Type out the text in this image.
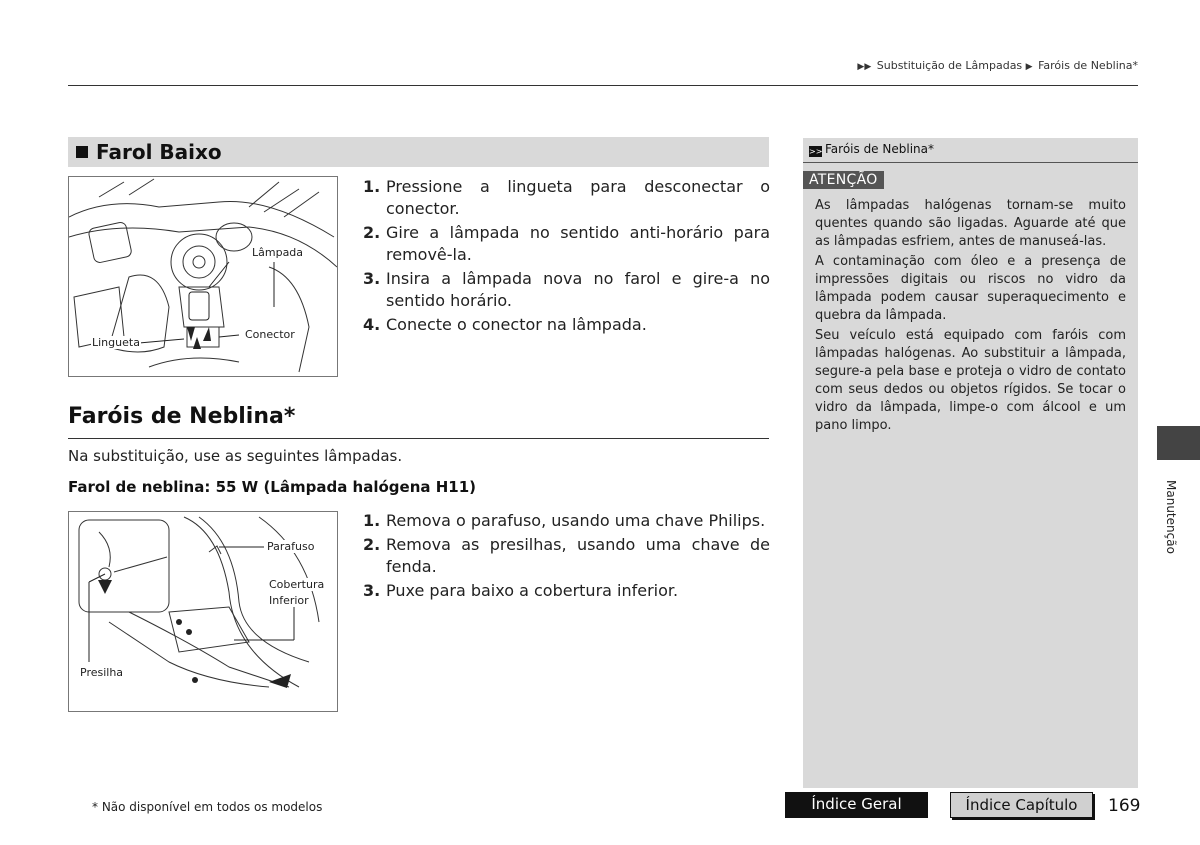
▶▶ Substituição de Lâmpadas ▶ Faróis de Neblina*
Farol Baixo
Lâmpada
Conector
Lingueta
1. Pressione a lingueta para desconectar o conector.
2. Gire a lâmpada no sentido anti-horário para removê-la.
3. Insira a lâmpada nova no farol e gire-a no sentido horário.
4. Conecte o conector na lâmpada.
Faróis de Neblina*
Na substituição, use as seguintes lâmpadas.
Farol de neblina: 55 W (Lâmpada halógena H11)
Parafuso
Cobertura
Inferior
Presilha
1. Remova o parafuso, usando uma chave Philips.
2. Remova as presilhas, usando uma chave de fenda.
3. Puxe para baixo a cobertura inferior.
>> Faróis de Neblina*

As lâmpadas halógenas tornam-se muito quentes quando são ligadas. Aguarde até que as lâmpadas esfriem, antes de manuseá-las.

A contaminação com óleo e a presença de impressões digitais ou riscos no vidro da lâmpada podem causar superaquecimento e quebra da lâmpada.

Seu veículo está equipado com faróis com lâmpadas halógenas. Ao substituir a lâmpada, segure-a pela base e proteja o vidro de contato com seus dedos ou objetos rígidos. Se tocar o vidro da lâmpada, limpe-o com álcool e um pano limpo.

ATENÇÃO
Manutenção
* Não disponível em todos os modelos	Índice Geral	Índice Capítulo	169
